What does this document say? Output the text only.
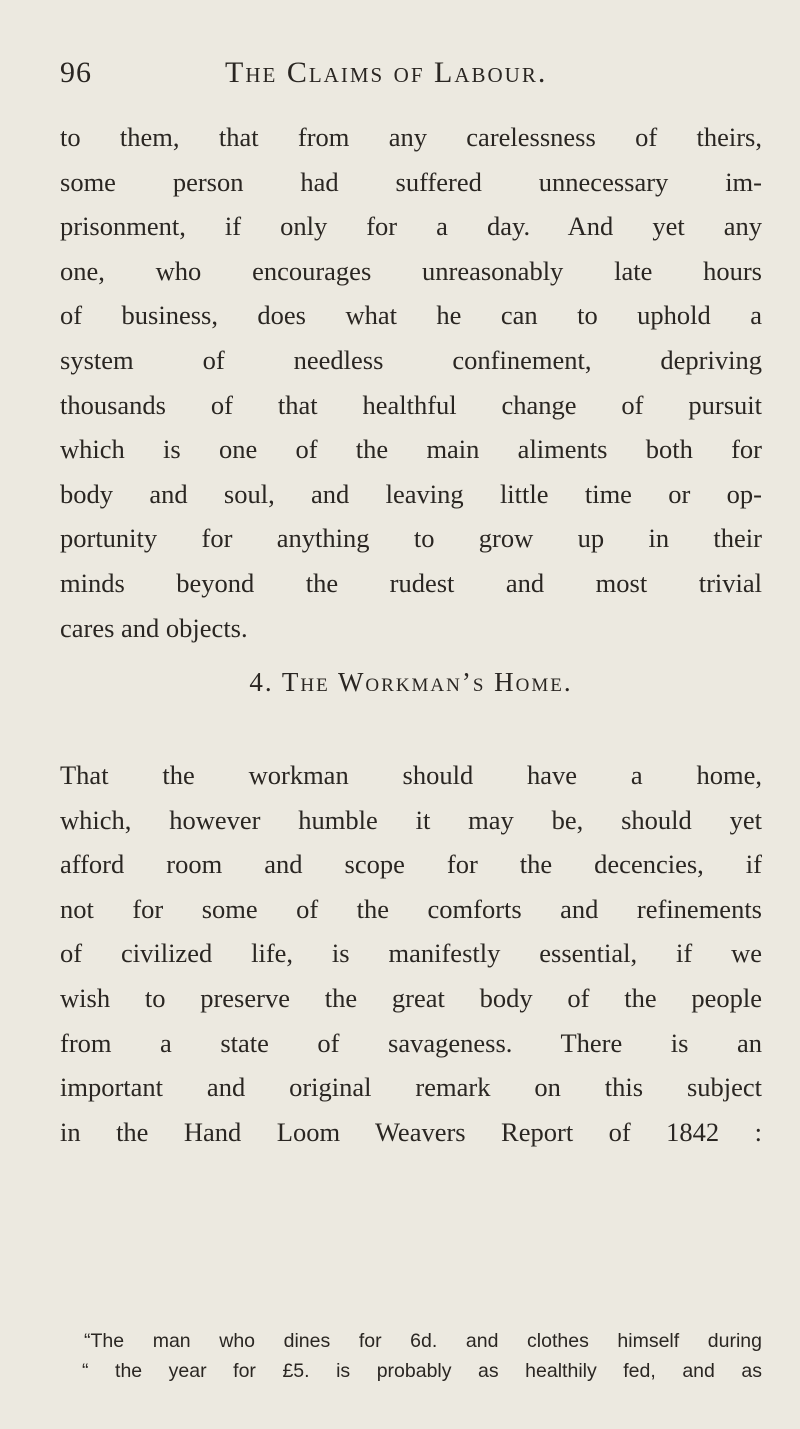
96	The Claims of Labour.
to them, that from any carelessness of theirs,
some person had suffered unnecessary im-
prisonment, if only for a day. And yet any
one, who encourages unreasonably late hours
of business, does what he can to uphold a
system of needless confinement, depriving
thousands of that healthful change of pursuit
which is one of the main aliments both for
body and soul, and leaving little time or op-
portunity for anything to grow up in their
minds beyond the rudest and most trivial
cares and objects.
4. The Workman’s Home.
That the workman should have a home,
which, however humble it may be, should yet
afford room and scope for the decencies, if
not for some of the comforts and refinements
of civilized life, is manifestly essential, if we
wish to preserve the great body of the people
from a state of savageness. There is an
important and original remark on this subject
in the Hand Loom Weavers Report of 1842 :
“The man who dines for 6d. and clothes himself during
“ the year for £5. is probably as healthily fed, and as
